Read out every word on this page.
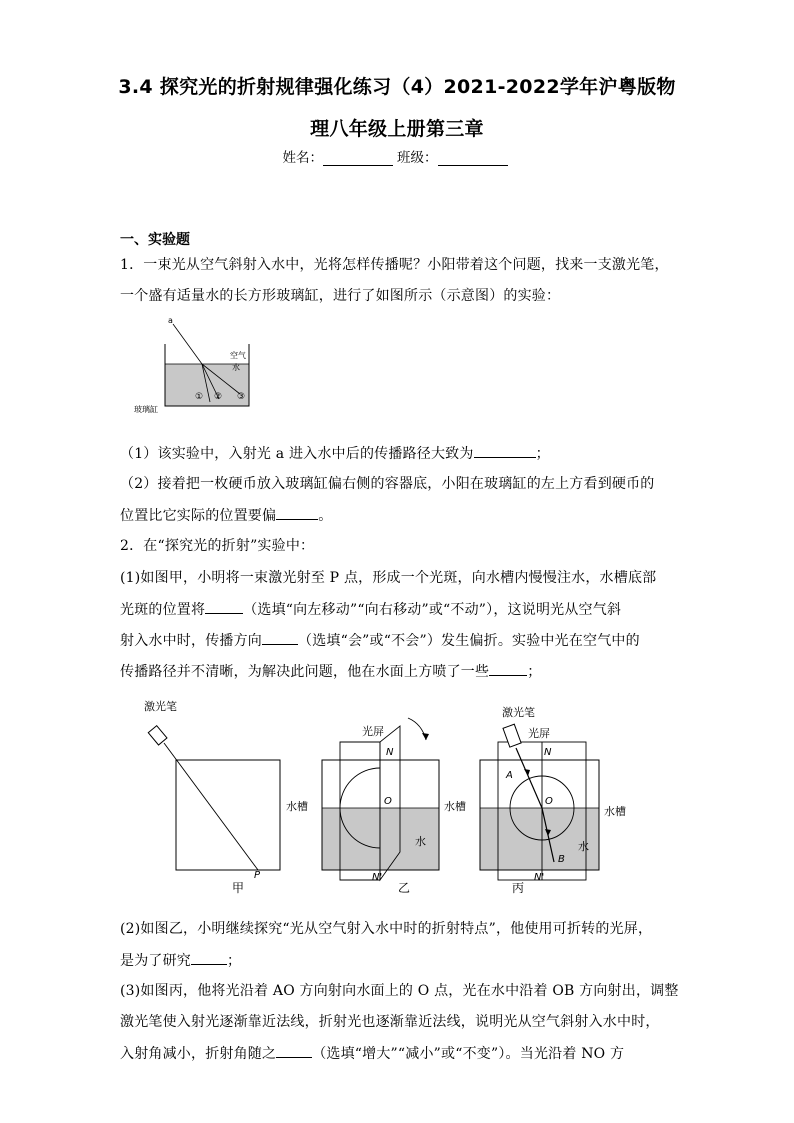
3.4 探究光的折射规律强化练习（4）2021-2022学年沪粤版物
理八年级上册第三章
姓名：	班级：
一、实验题
1．一束光从空气斜射入水中，光将怎样传播呢？小阳带着这个问题，找来一支激光笔，
一个盛有适量水的长方形玻璃缸，进行了如图所示（示意图）的实验：
a
空气
水
① ② ③
玻璃缸
（1）该实验中，入射光 a 进入水中后的传播路径大致为	；
（2）接着把一枚硬币放入玻璃缸偏右侧的容器底，小阳在玻璃缸的左上方看到硬币的
位置比它实际的位置要偏	。
2．在“探究光的折射”实验中：
(1)如图甲，小明将一束激光射至 P 点，形成一个光斑，向水槽内慢慢注水，水槽底部
光斑的位置将	（选填“向左移动”“向右移动”或“不动”），这说明光从空气斜
射入水中时，传播方向	（选填“会”或“不会”）发生偏折。实验中光在空气中的
传播路径并不清晰，为解决此问题，他在水面上方喷了一些	；
激光笔
水槽
P
甲
光屏
N
O
水
N'
水槽
乙
激光笔
光屏
N
A
O
B
水
N'
水槽
丙
(2)如图乙，小明继续探究“光从空气射入水中时的折射特点”，他使用可折转的光屏，
是为了研究	；
(3)如图丙，他将光沿着 AO 方向射向水面上的 O 点，光在水中沿着 OB 方向射出，调整
激光笔使入射光逐渐靠近法线，折射光也逐渐靠近法线，说明光从空气斜射入水中时，
入射角减小，折射角随之	（选填“增大”“减小”或“不变”）。当光沿着 NO 方
